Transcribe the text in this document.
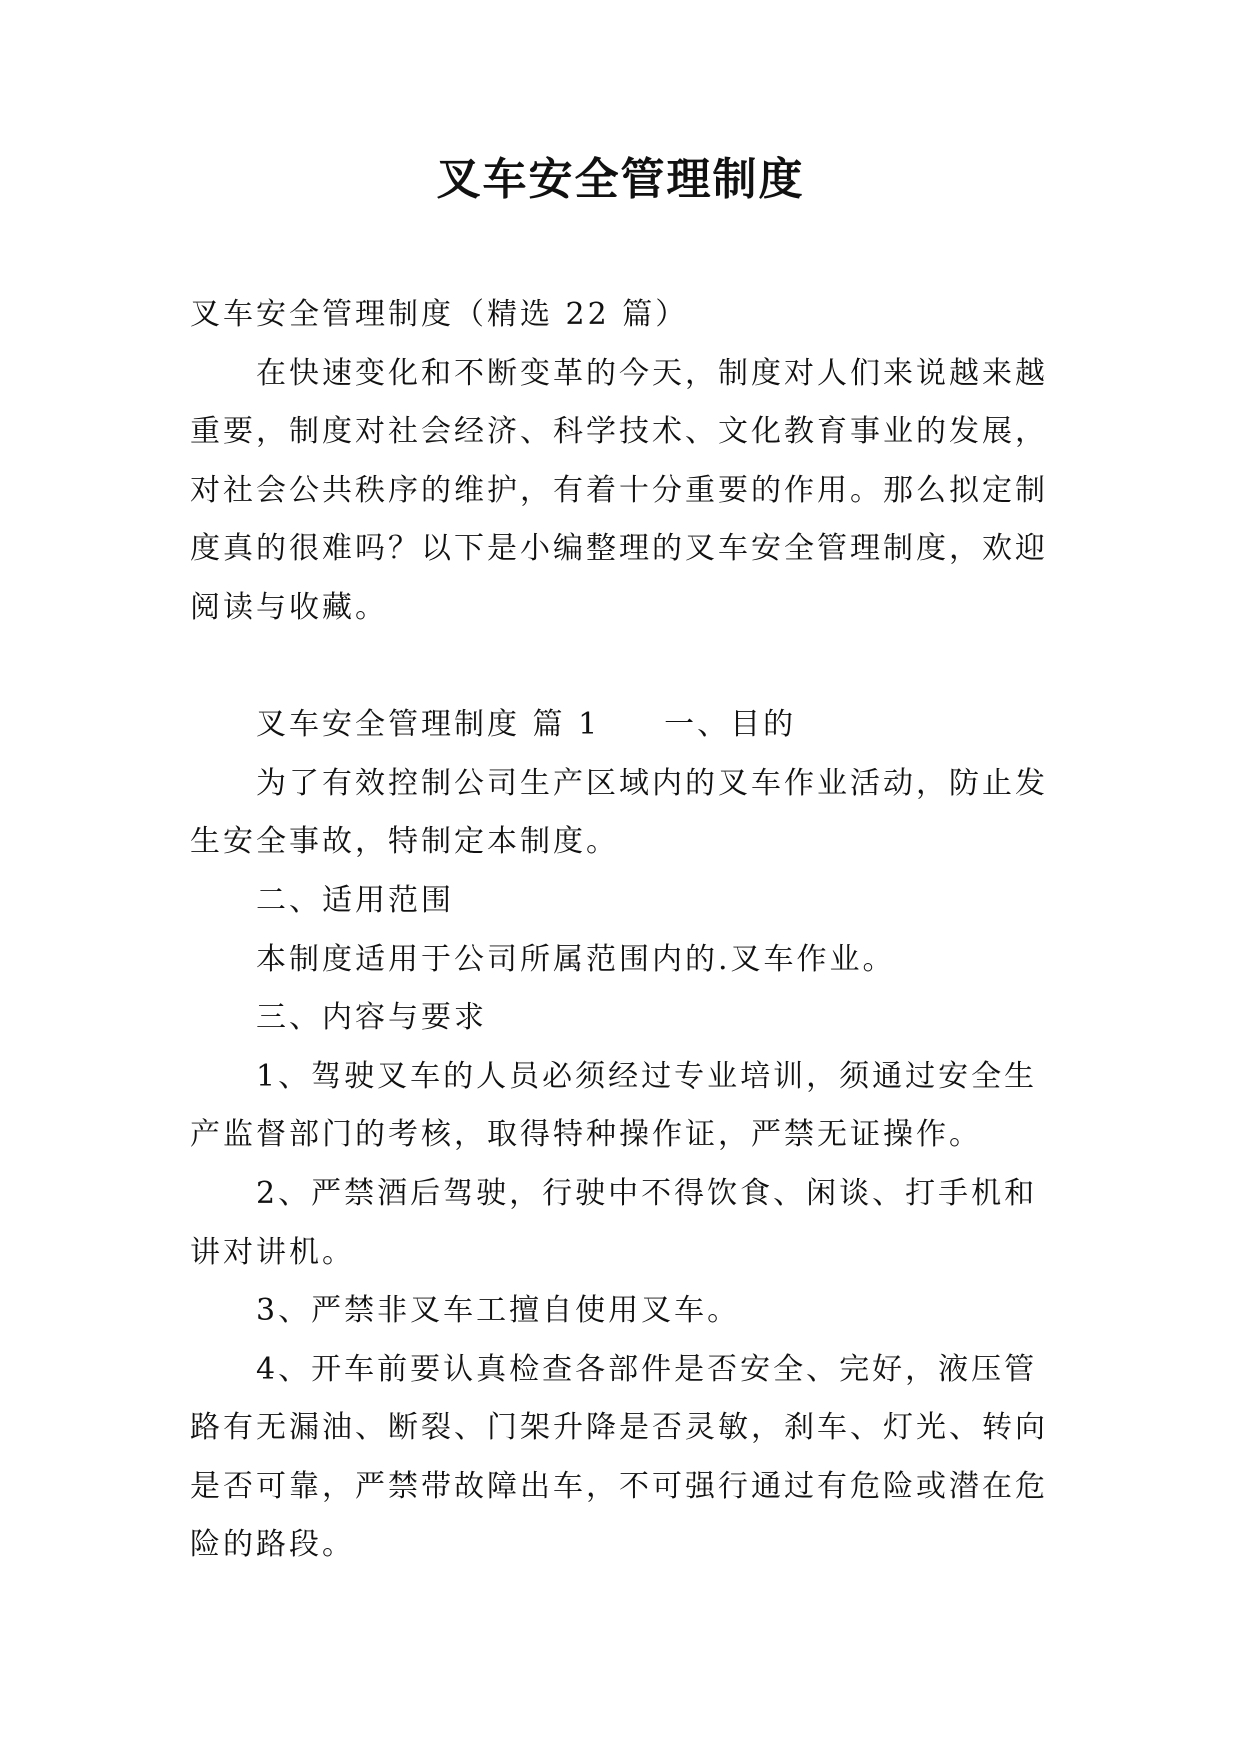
叉车安全管理制度

叉车安全管理制度（精选 22 篇）

在快速变化和不断变革的今天，制度对人们来说越来越

重要，制度对社会经济、科学技术、文化教育事业的发展，

对社会公共秩序的维护，有着十分重要的作用。那么拟定制

度真的很难吗？以下是小编整理的叉车安全管理制度，欢迎

阅读与收藏。

叉车安全管理制度 篇 1 一、目的

为了有效控制公司生产区域内的叉车作业活动，防止发

生安全事故，特制定本制度。

二、适用范围

本制度适用于公司所属范围内的.叉车作业。

三、内容与要求

1、驾驶叉车的人员必须经过专业培训，须通过安全生

产监督部门的考核，取得特种操作证，严禁无证操作。

2、严禁酒后驾驶，行驶中不得饮食、闲谈、打手机和

讲对讲机。

3、严禁非叉车工擅自使用叉车。

4、开车前要认真检查各部件是否安全、完好，液压管

路有无漏油、断裂、门架升降是否灵敏，刹车、灯光、转向

是否可靠，严禁带故障出车，不可强行通过有危险或潜在危

险的路段。
